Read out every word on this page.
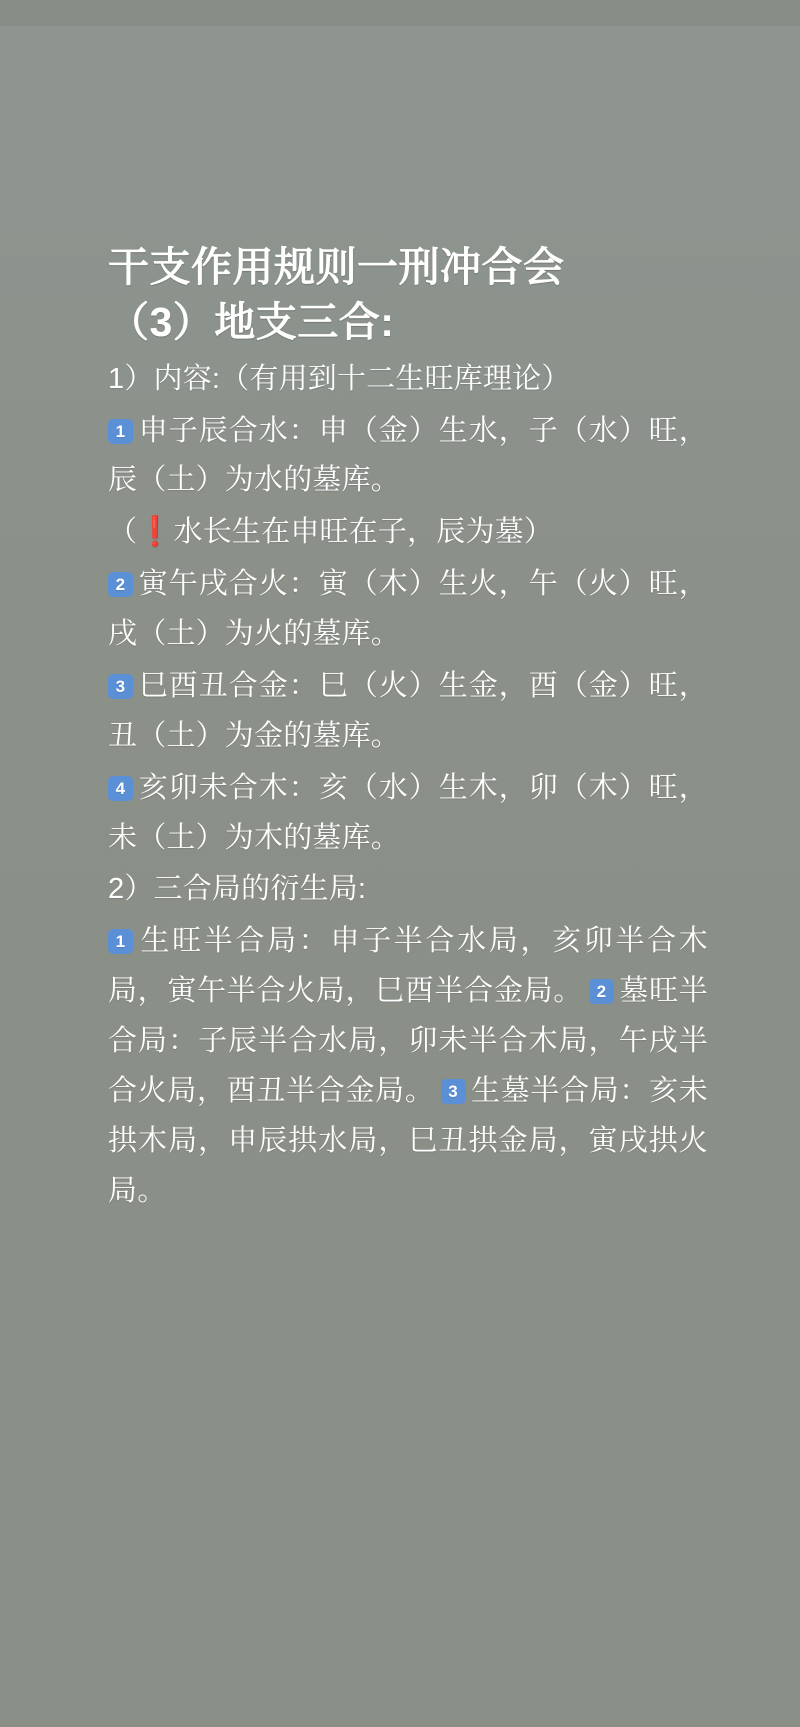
干支作用规则一刑冲合会
（3）地支三合:

1）内容:（有用到十二生旺库理论）

1 申子辰合水：申（金）生水，子（水）旺，辰（土）为水的墓库。

（❗水长生在申旺在子，辰为墓）

2 寅午戌合火：寅（木）生火，午（火）旺，戌（土）为火的墓库。

3 巳酉丑合金：巳（火）生金，酉（金）旺，丑（土）为金的墓库。

4 亥卯未合木：亥（水）生木，卯（木）旺，未（土）为木的墓库。

2）三合局的衍生局:

1 生旺半合局：申子半合水局，亥卯半合木局，寅午半合火局，巳酉半合金局。 2 墓旺半合局：子辰半合水局，卯未半合木局，午戌半合火局，酉丑半合金局。 3 生墓半合局：亥未拱木局，申辰拱水局，巳丑拱金局，寅戌拱火局。
